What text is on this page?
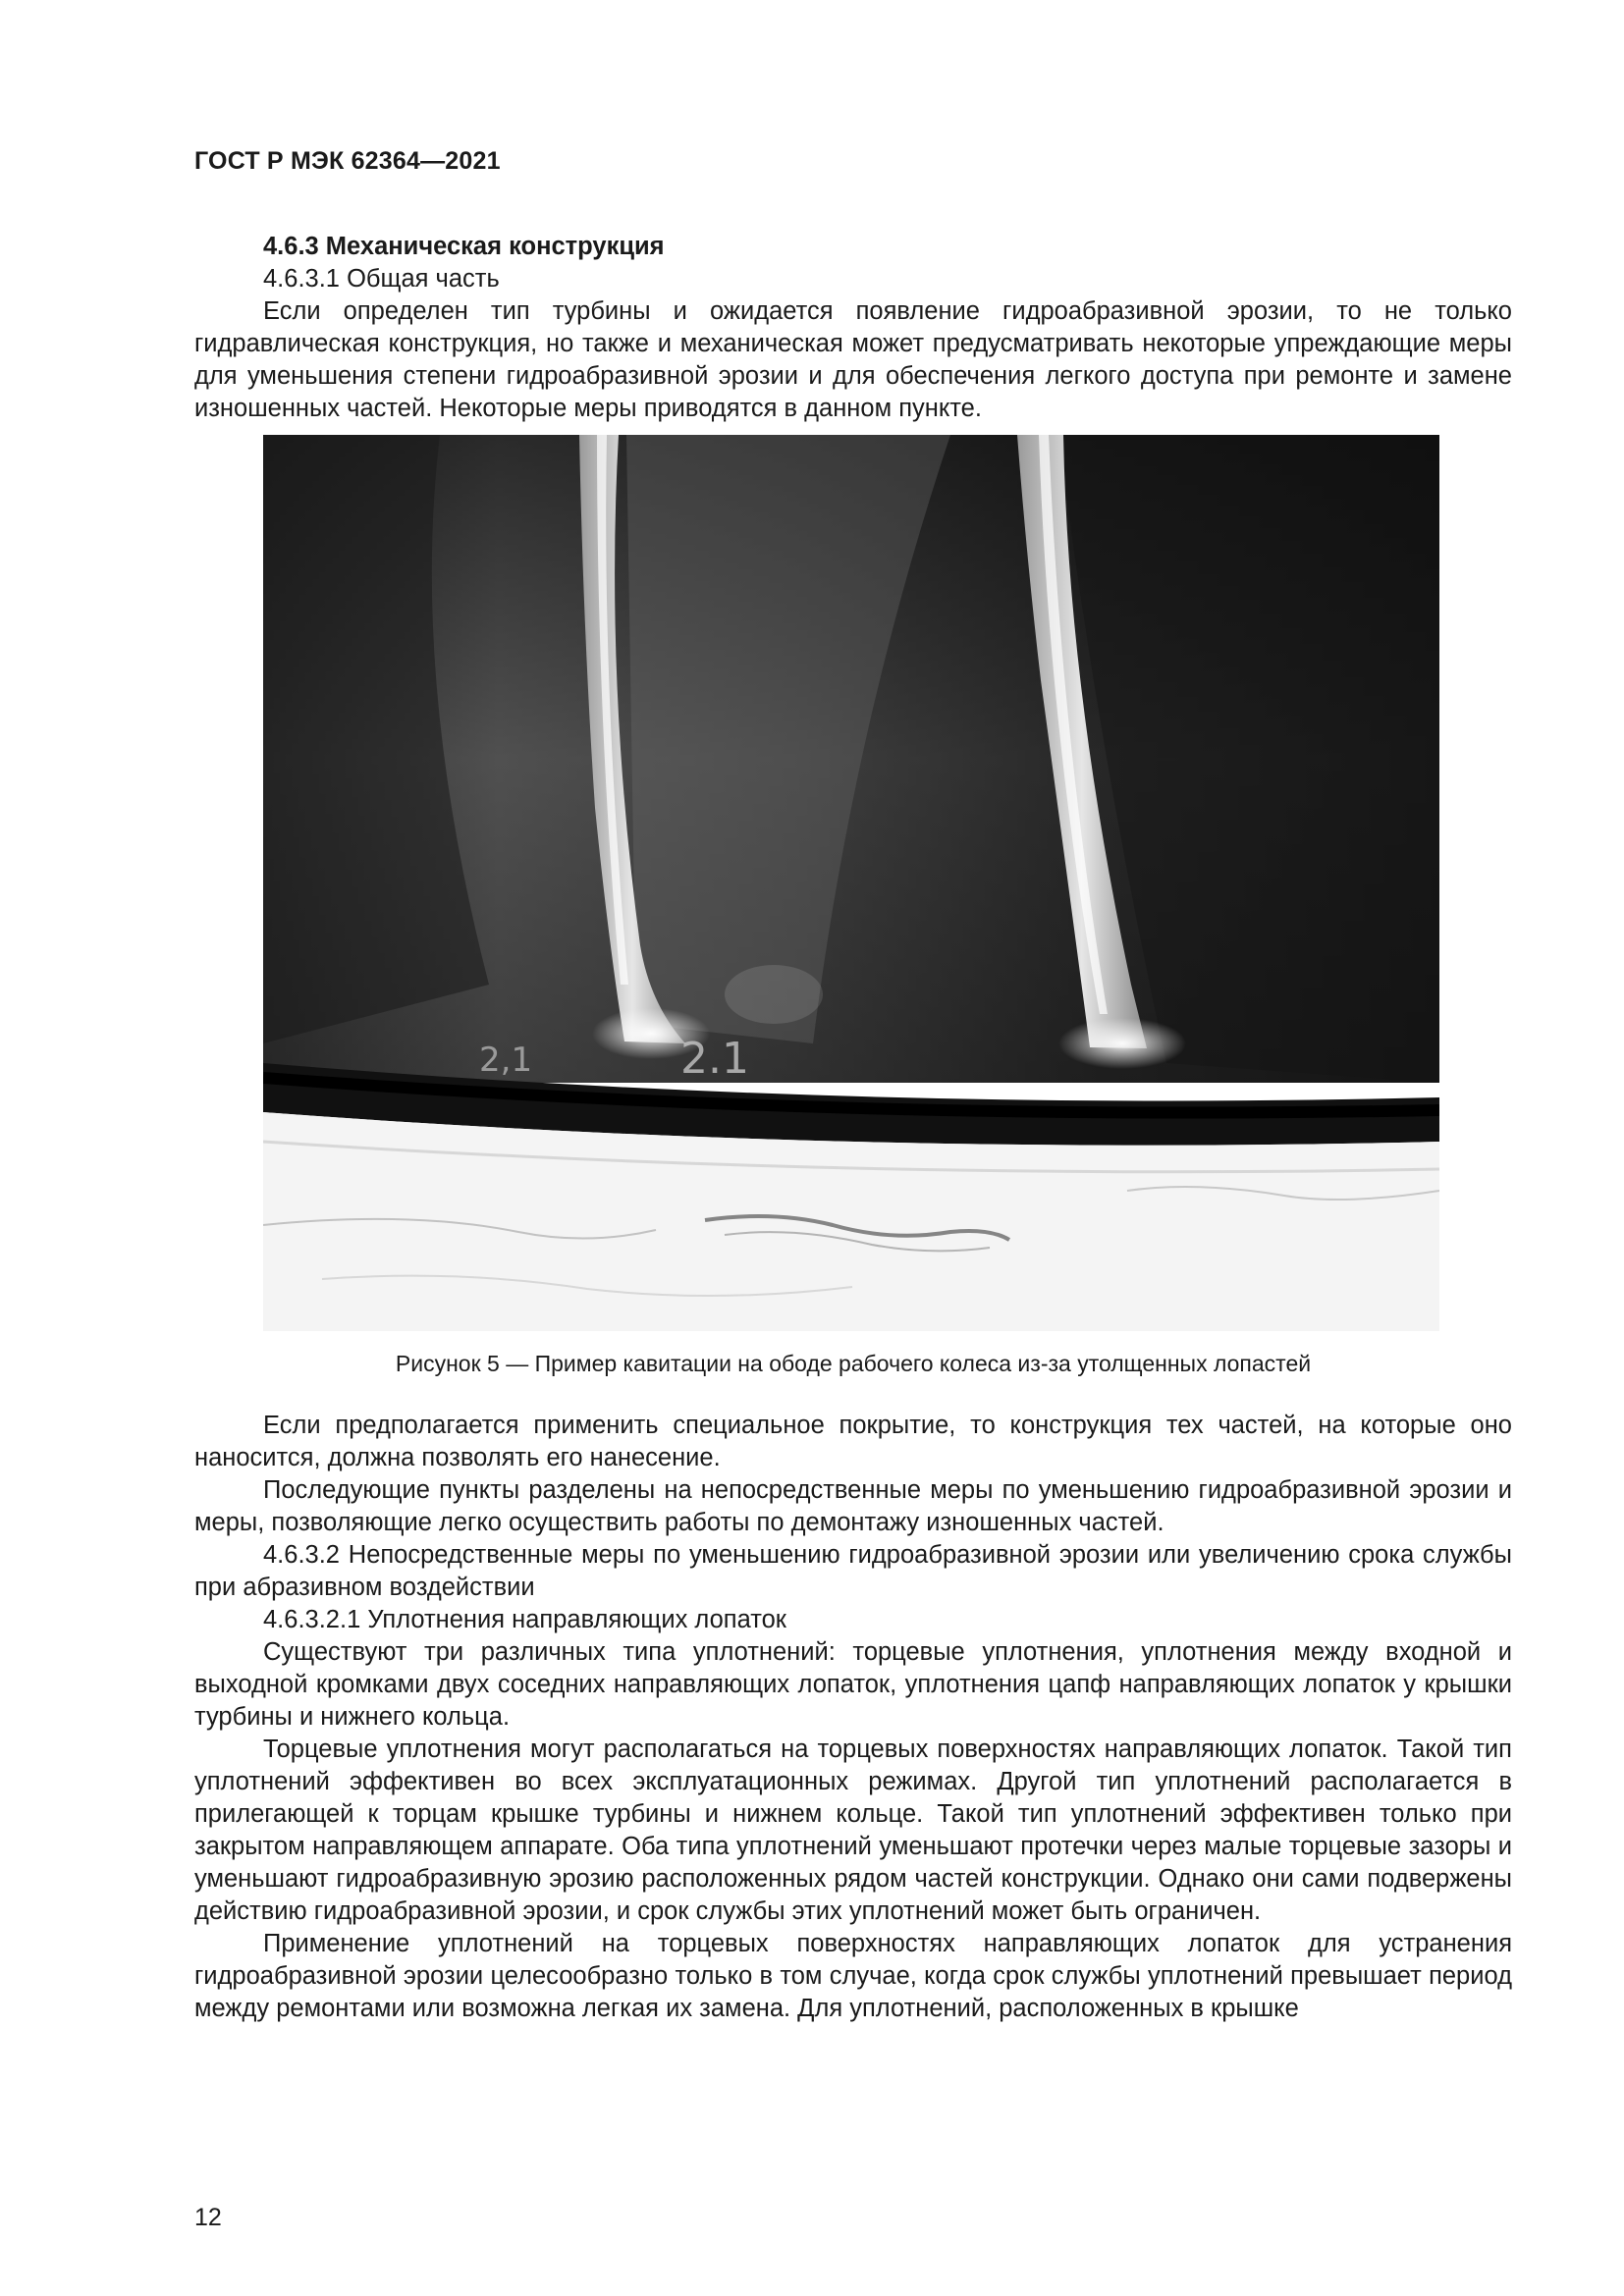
ГОСТ Р МЭК 62364—2021

4.6.3 Механическая конструкция

4.6.3.1 Общая часть

Если определен тип турбины и ожидается появление гидроабразивной эрозии, то не только гидравлическая конструкция, но также и механическая может предусматривать некоторые упреждающие меры для уменьшения степени гидроабразивной эрозии и для обеспечения легкого доступа при ремонте и замене изношенных частей. Некоторые меры приводятся в данном пункте.

2,1	2.1
Рисунок 5 — Пример кавитации на ободе рабочего колеса из-за утолщенных лопастей

Если предполагается применить специальное покрытие, то конструкция тех частей, на которые оно наносится, должна позволять его нанесение.

Последующие пункты разделены на непосредственные меры по уменьшению гидроабразивной эрозии и меры, позволяющие легко осуществить работы по демонтажу изношенных частей.

4.6.3.2 Непосредственные меры по уменьшению гидроабразивной эрозии или увеличению срока службы при абразивном воздействии

4.6.3.2.1 Уплотнения направляющих лопаток

Существуют три различных типа уплотнений: торцевые уплотнения, уплотнения между входной и выходной кромками двух соседних направляющих лопаток, уплотнения цапф направляющих лопаток у крышки турбины и нижнего кольца.

Торцевые уплотнения могут располагаться на торцевых поверхностях направляющих лопаток. Такой тип уплотнений эффективен во всех эксплуатационных режимах. Другой тип уплотнений располагается в прилегающей к торцам крышке турбины и нижнем кольце. Такой тип уплотнений эффективен только при закрытом направляющем аппарате. Оба типа уплотнений уменьшают протечки через малые торцевые зазоры и уменьшают гидроабразивную эрозию расположенных рядом частей конструкции. Однако они сами подвержены действию гидроабразивной эрозии, и срок службы этих уплотнений может быть ограничен.

Применение уплотнений на торцевых поверхностях направляющих лопаток для устранения гидроабразивной эрозии целесообразно только в том случае, когда срок службы уплотнений превышает период между ремонтами или возможна легкая их замена. Для уплотнений, расположенных в крышке

12
